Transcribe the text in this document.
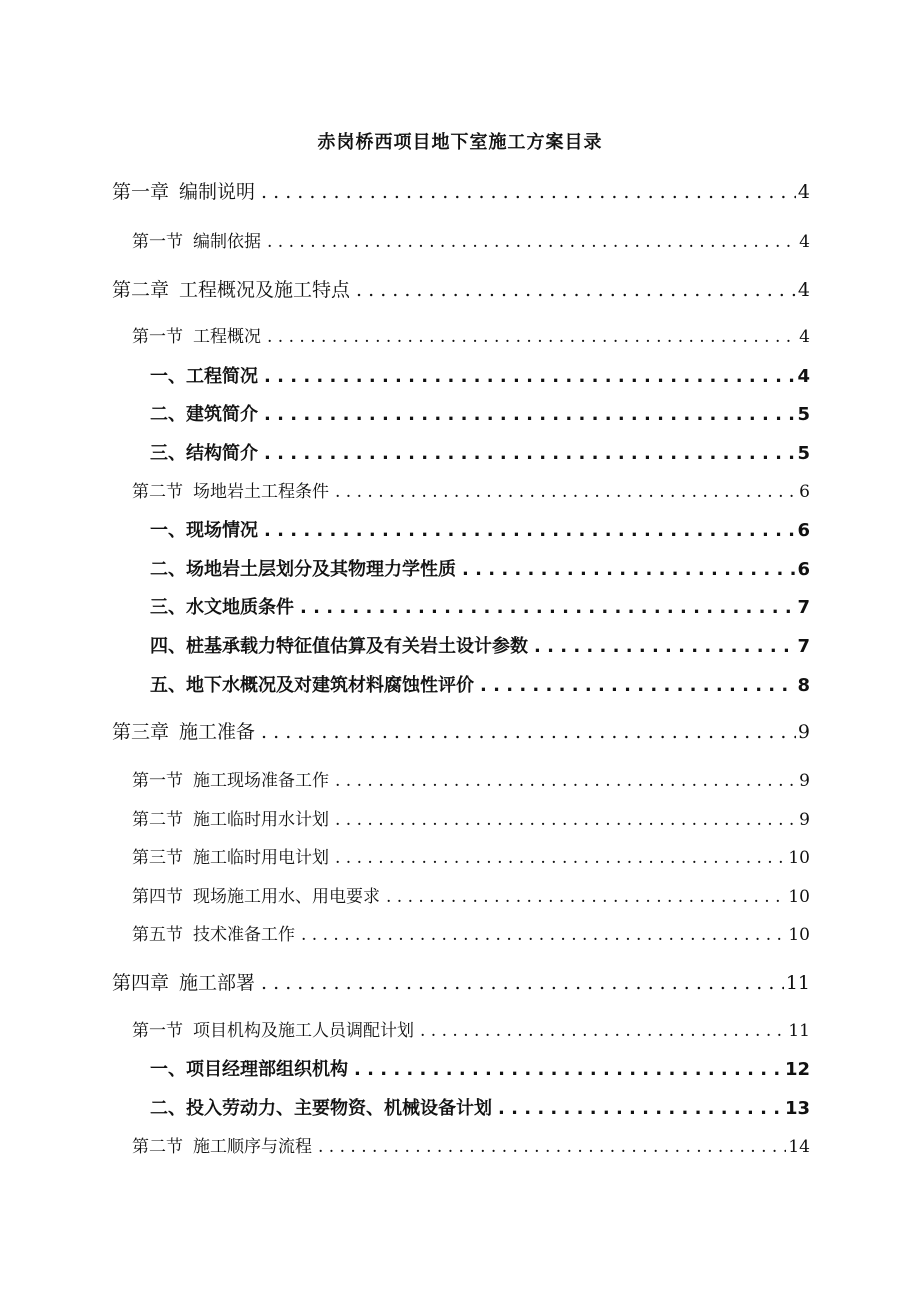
赤岗桥西项目地下室施工方案目录
第一章 编制说明 . . .	4
第一节 编制依据 . . .	4
第二章 工程概况及施工特点 . . .	4
第一节 工程概况 . . .	4
一、工程简况 . . .	4
二、建筑简介 . . .	5
三、结构简介 . . .	5
第二节 场地岩土工程条件 . . .	6
一、现场情况 . . .	6
二、场地岩土层划分及其物理力学性质 . . .	6
三、水文地质条件 . . .	7
四、桩基承载力特征值估算及有关岩土设计参数 . . .	7
五、地下水概况及对建筑材料腐蚀性评价 . . .	8
第三章 施工准备 . . .	9
第一节 施工现场准备工作 . . .	9
第二节 施工临时用水计划 . . .	9
第三节 施工临时用电计划 . . .	10
第四节 现场施工用水、用电要求 . . .	10
第五节 技术准备工作 . . .	10
第四章 施工部署 . . .	11
第一节 项目机构及施工人员调配计划 . . .	11
一、项目经理部组织机构 . . .	12
二、投入劳动力、主要物资、机械设备计划 . . .	13
第二节 施工顺序与流程 . . .	14
